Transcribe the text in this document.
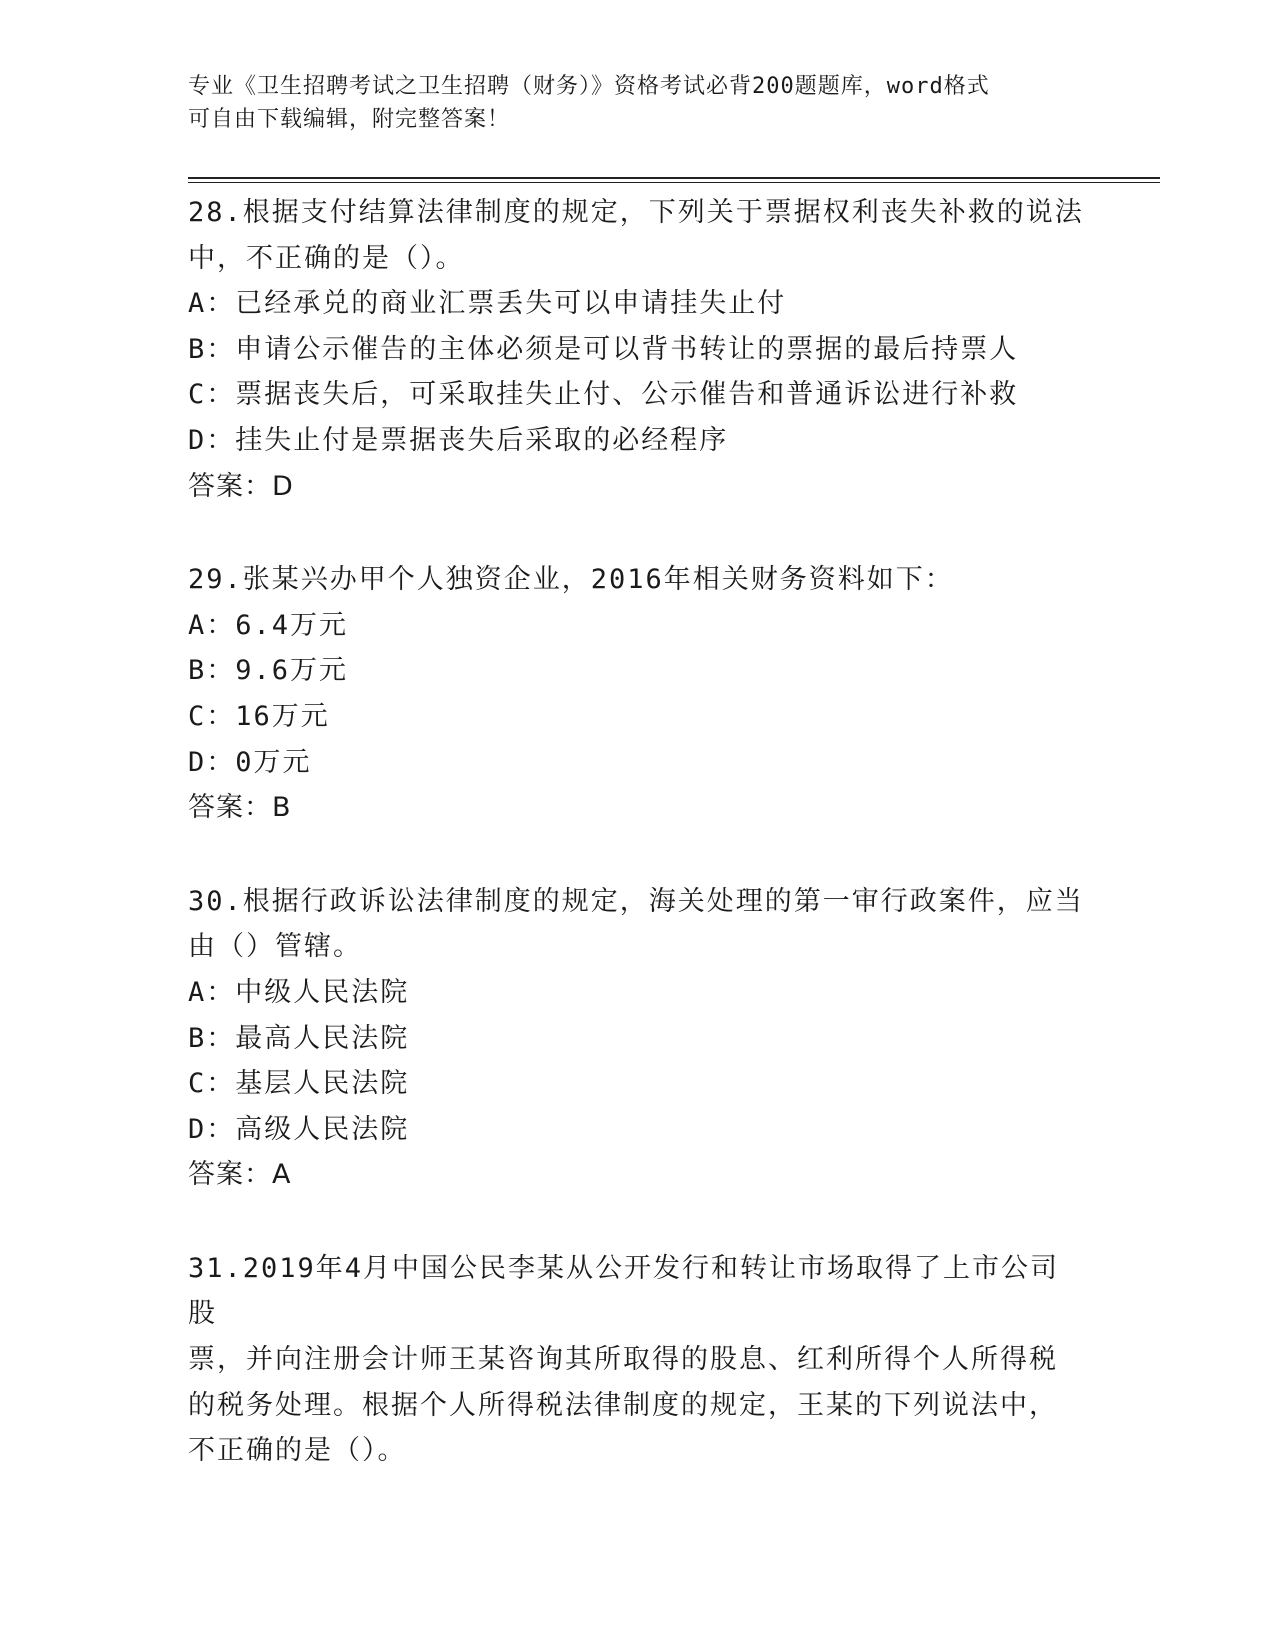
专业《卫生招聘考试之卫生招聘（财务）》资格考试必背200题题库，word格式
可自由下载编辑，附完整答案！
28.根据支付结算法律制度的规定，下列关于票据权利丧失补救的说法
中，不正确的是（）。
A：已经承兑的商业汇票丢失可以申请挂失止付
B：申请公示催告的主体必须是可以背书转让的票据的最后持票人
C：票据丧失后，可采取挂失止付、公示催告和普通诉讼进行补救
D：挂失止付是票据丧失后采取的必经程序
答案：D
29.张某兴办甲个人独资企业，2016年相关财务资料如下：
A：6.4万元
B：9.6万元
C：16万元
D：0万元
答案：B
30.根据行政诉讼法律制度的规定，海关处理的第一审行政案件，应当
由（）管辖。
A：中级人民法院
B：最高人民法院
C：基层人民法院
D：高级人民法院
答案：A
31.2019年4月中国公民李某从公开发行和转让市场取得了上市公司股
票，并向注册会计师王某咨询其所取得的股息、红利所得个人所得税
的税务处理。根据个人所得税法律制度的规定，王某的下列说法中，
不正确的是（）。
